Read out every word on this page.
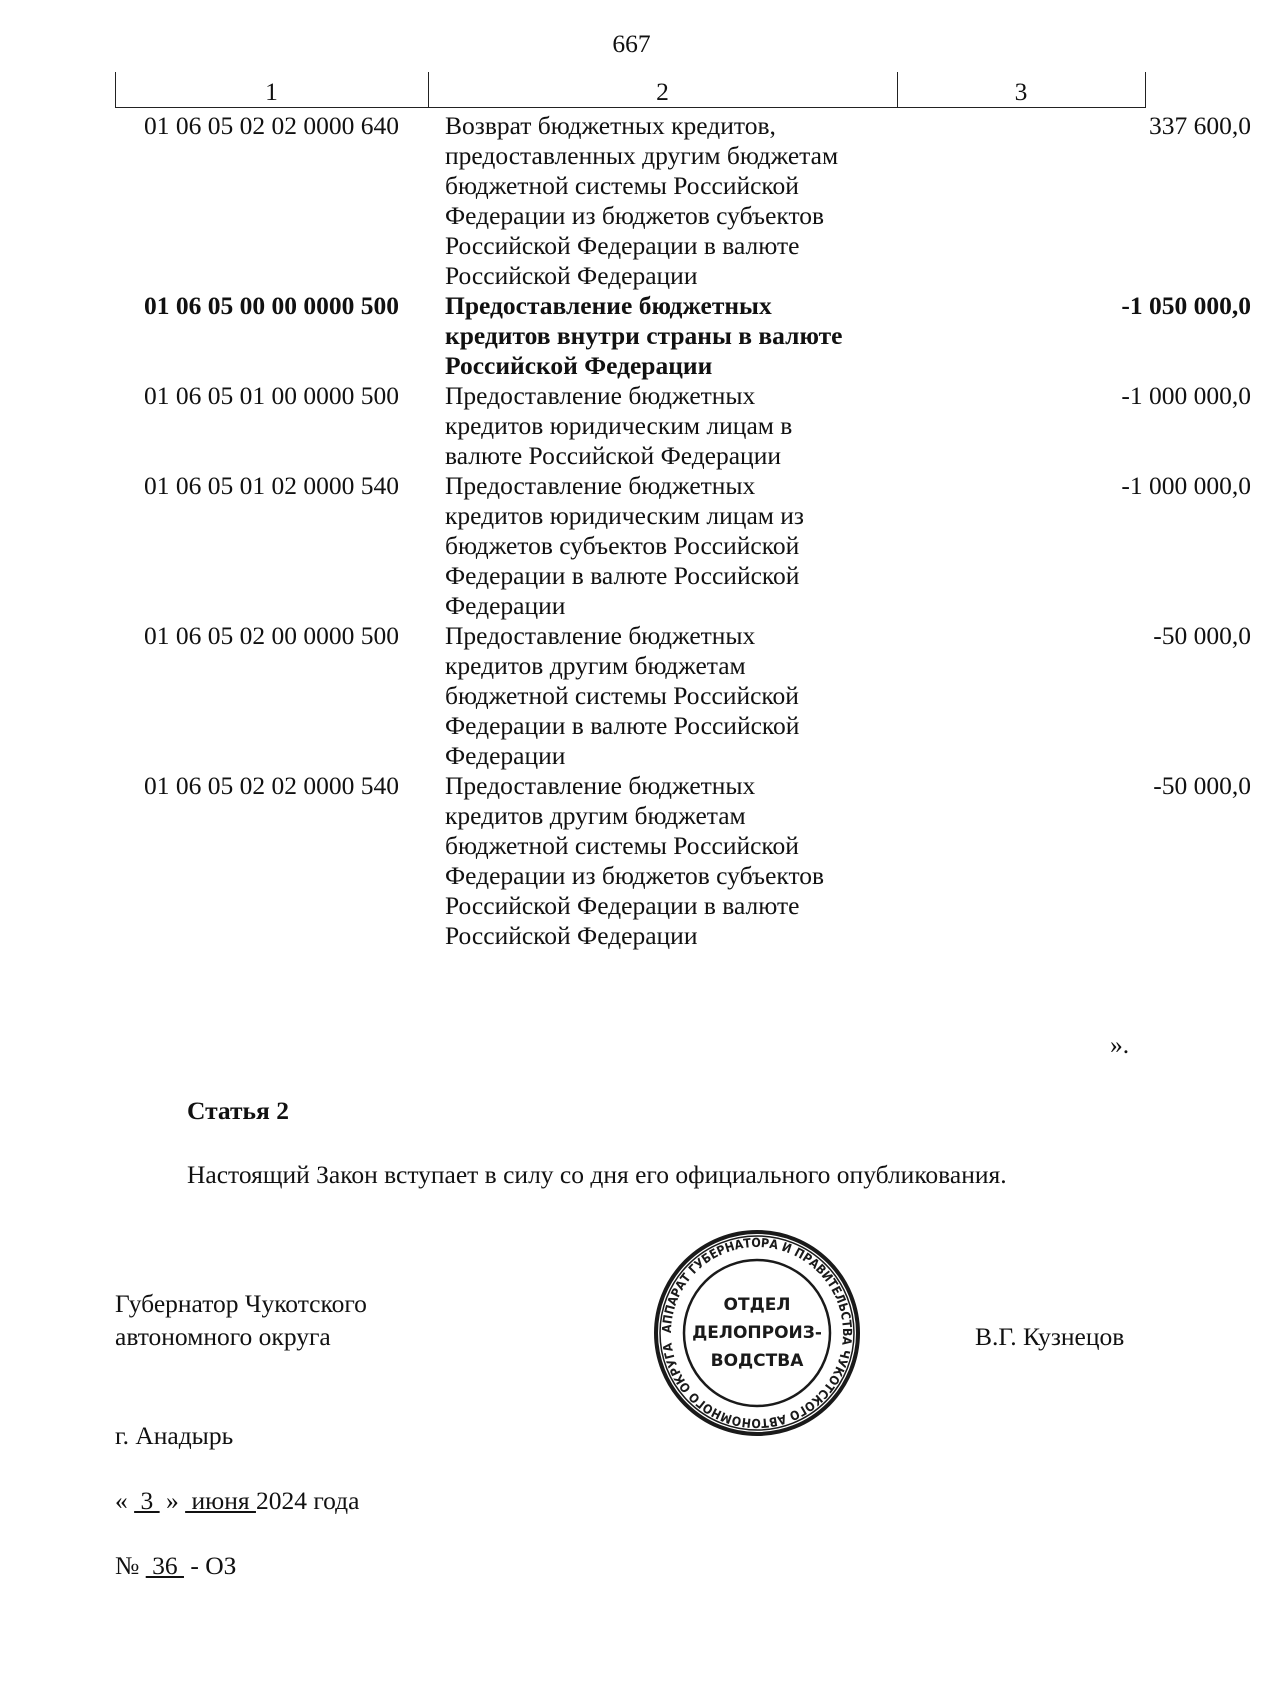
667
1	2	3
01 06 05 02 02 0000 640	Возврат бюджетных кредитов,
предоставленных другим бюджетам
бюджетной системы Российской
Федерации из бюджетов субъектов
Российской Федерации в валюте
Российской Федерации
337 600,0
01 06 05 00 00 0000 500	Предоставление бюджетных
кредитов внутри страны в валюте
Российской Федерации
-1 050 000,0
01 06 05 01 00 0000 500	Предоставление бюджетных
кредитов юридическим лицам в
валюте Российской Федерации
-1 000 000,0
01 06 05 01 02 0000 540	Предоставление бюджетных
кредитов юридическим лицам из
бюджетов субъектов Российской
Федерации в валюте Российской
Федерации
-1 000 000,0
01 06 05 02 00 0000 500	Предоставление бюджетных
кредитов другим бюджетам
бюджетной системы Российской
Федерации в валюте Российской
Федерации
-50 000,0
01 06 05 02 02 0000 540	Предоставление бюджетных
кредитов другим бюджетам
бюджетной системы Российской
Федерации из бюджетов субъектов
Российской Федерации в валюте
Российской Федерации
-50 000,0
».
Статья 2
Настоящий Закон вступает в силу со дня его официального опубликования.
Губернатор Чукотского
автономного округа	АППАРАТ ГУБЕРНАТОРА И ПРАВИТЕЛЬСТВА ЧУКОТСКОГО АВТОНОМНОГО ОКРУГА
ОТДЕЛ
ДЕЛОПРОИЗ-
ВОДСТВА
В.Г. Кузнецов
г. Анадырь
«  3  »  июня 2024 года
№  36  - ОЗ
